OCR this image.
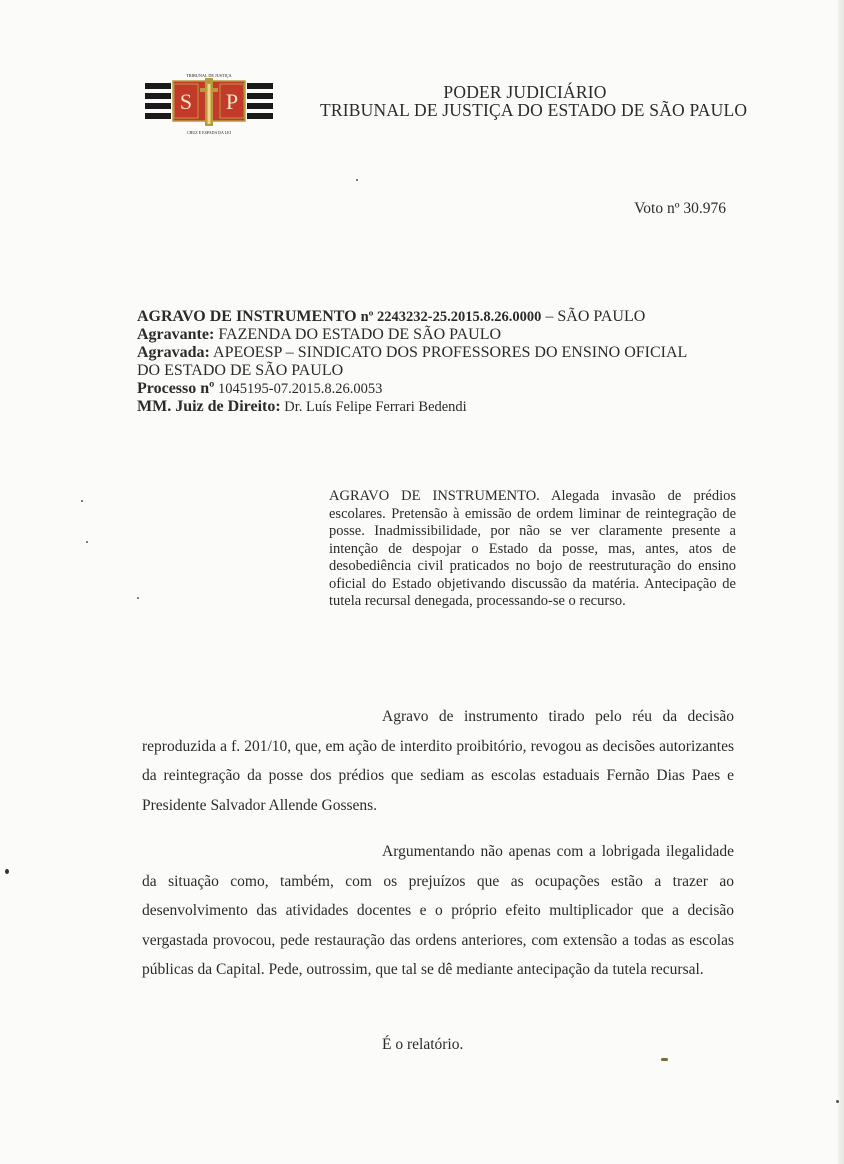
TRIBUNAL DE JUSTIÇA
S P
CRUZ E ESPADA DA LEI
PODER JUDICIÁRIO
TRIBUNAL DE JUSTIÇA DO ESTADO DE SÃO PAULO
Voto nº 30.976
AGRAVO DE INSTRUMENTO nº 2243232-25.2015.8.26.0000 – SÃO PAULO
Agravante: FAZENDA DO ESTADO DE SÃO PAULO
Agravada: APEOESP – SINDICATO DOS PROFESSORES DO ENSINO OFICIAL
DO ESTADO DE SÃO PAULO
Processo nº 1045195-07.2015.8.26.0053
MM. Juiz de Direito: Dr. Luís Felipe Ferrari Bedendi
AGRAVO DE INSTRUMENTO. Alegada invasão de prédios escolares. Pretensão à emissão de ordem liminar de reintegração de posse. Inadmissibilidade, por não se ver claramente presente a intenção de despojar o Estado da posse, mas, antes, atos de desobediência civil praticados no bojo de reestruturação do ensino oficial do Estado objetivando discussão da matéria. Antecipação de tutela recursal denegada, processando-se o recurso.
Agravo de instrumento tirado pelo réu da decisão reproduzida a f. 201/10, que, em ação de interdito proibitório, revogou as decisões autorizantes da reintegração da posse dos prédios que sediam as escolas estaduais Fernão Dias Paes e Presidente Salvador Allende Gossens.
Argumentando não apenas com a lobrigada ilegalidade da situação como, também, com os prejuízos que as ocupações estão a trazer ao desenvolvimento das atividades docentes e o próprio efeito multiplicador que a decisão vergastada provocou, pede restauração das ordens anteriores, com extensão a todas as escolas públicas da Capital. Pede, outrossim, que tal se dê mediante antecipação da tutela recursal.
É o relatório.
